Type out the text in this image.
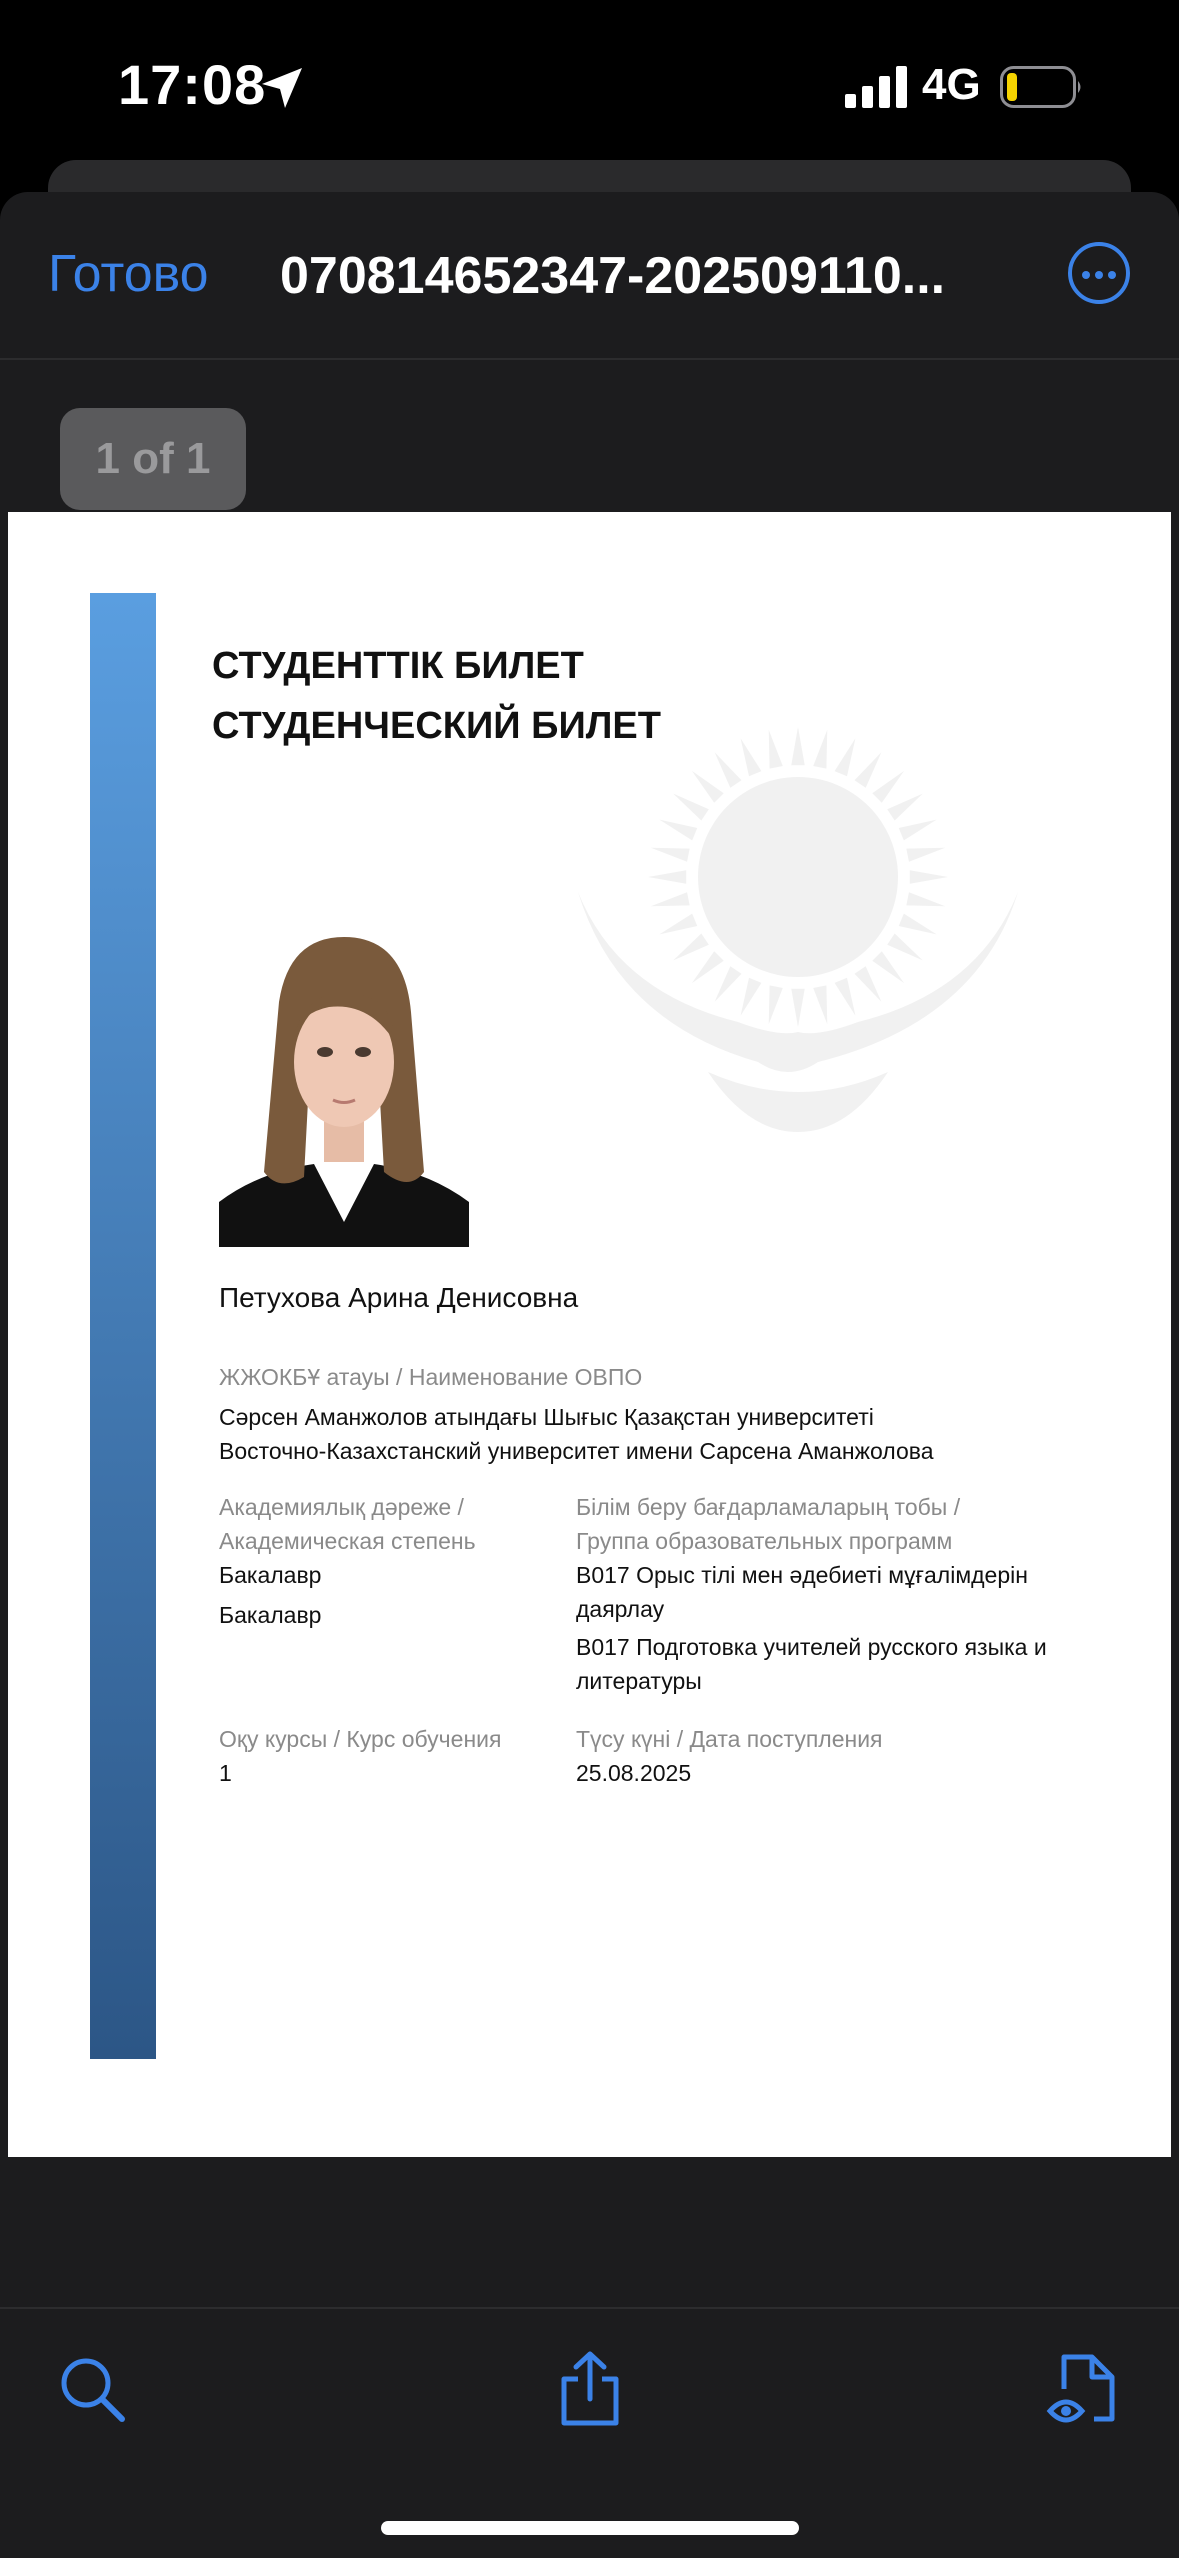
17:08	4G
Готово 070814652347-202509110...
1 of 1
СТУДЕНТТІК БИЛЕТ
СТУДЕНЧЕСКИЙ БИЛЕТ
Петухова Арина Денисовна
ЖЖОКБҰ атауы / Наименование ОВПО
Сәрсен Аманжолов атындағы Шығыс Қазақстан университеті
Восточно-Казахстанский университет имени Сарсена Аманжолова
Академиялық дәреже /
Академическая степень
Бакалавр
Бакалавр
Білім беру бағдарламаларың тобы /
Группа образовательных программ
B017 Орыс тілі мен әдебиеті мұғалімдерін
даярлау
B017 Подготовка учителей русского языка и
литературы
Оқу курсы / Курс обучения
1
Түсу күні / Дата поступления
25.08.2025
